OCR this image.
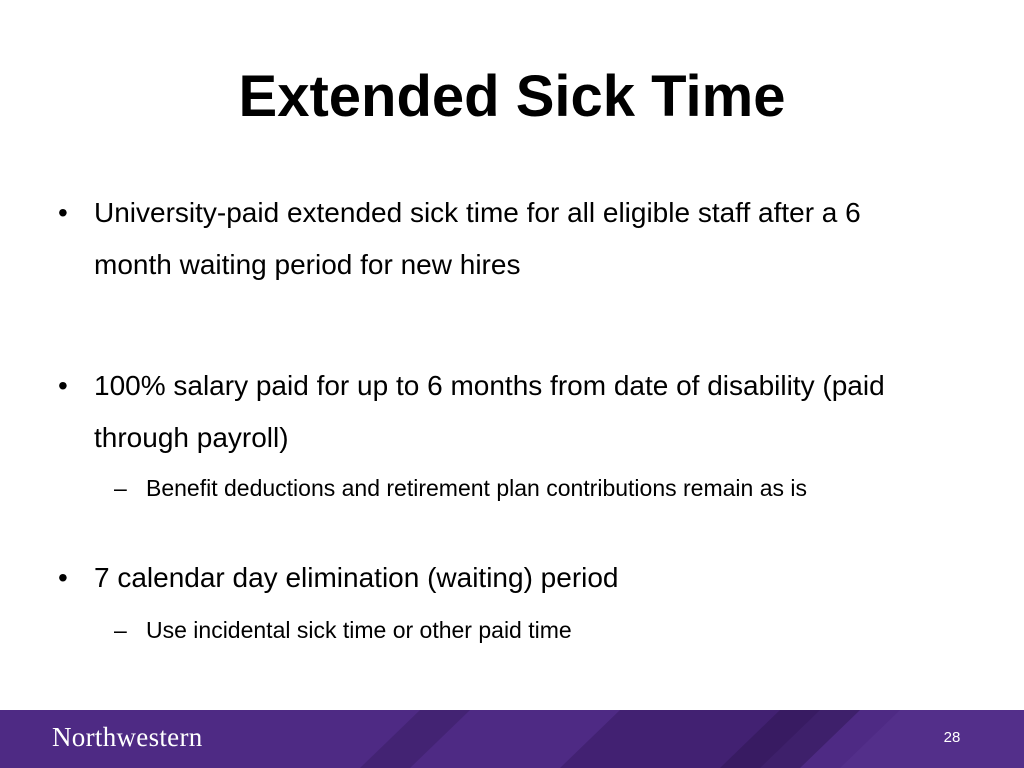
Extended Sick Time
• University-paid extended sick time for all eligible staff after a 6 month waiting period for new hires
• 100% salary paid for up to 6 months from date of disability (paid through payroll)
– Benefit deductions and retirement plan contributions remain as is
• 7 calendar day elimination (waiting) period
– Use incidental sick time or other paid time
Northwestern	28
